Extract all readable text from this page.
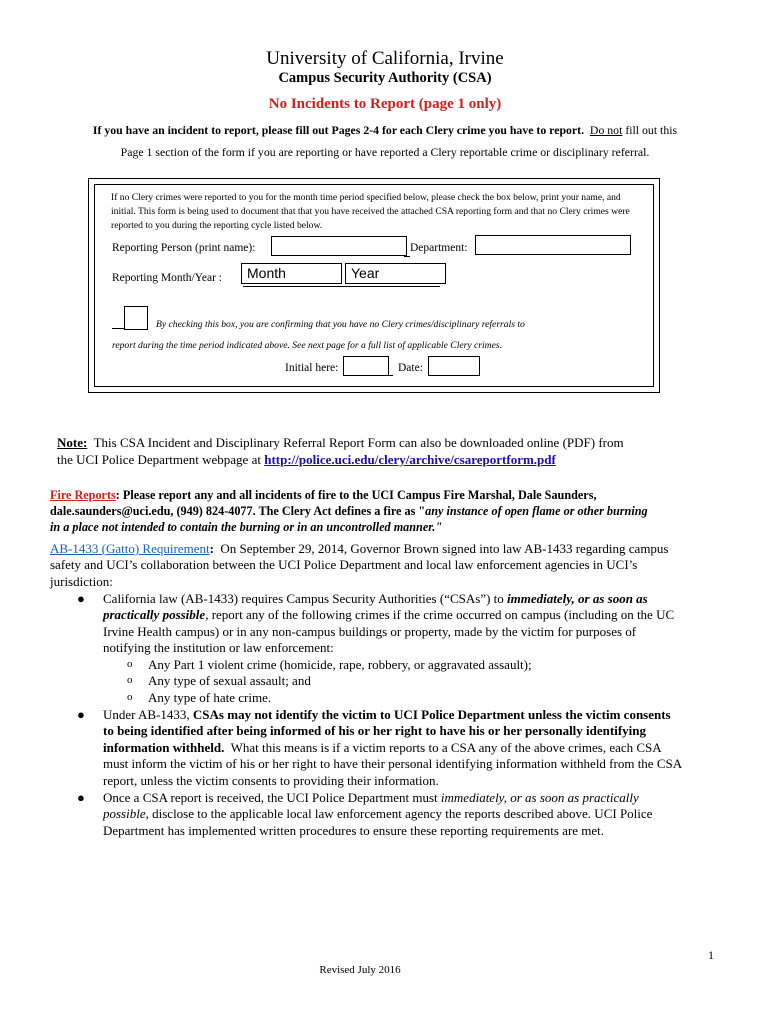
University of California, Irvine
Campus Security Authority (CSA)
No Incidents to Report (page 1 only)
If you have an incident to report, please fill out Pages 2-4 for each Clery crime you have to report. Do not fill out this
Page 1 section of the form if you are reporting or have reported a Clery reportable crime or disciplinary referral.
If no Clery crimes were reported to you for the month time period specified below, please check the box below, print your name, and initial. This form is being used to document that that you have received the attached CSA reporting form and that no Clery crimes were reported to you during the reporting cycle listed below.
Reporting Person (print name):	Department:
Reporting Month/Year :	Month	Year
By checking this box, you are confirming that you have no Clery crimes/disciplinary referrals to
report during the time period indicated above. See next page for a full list of applicable Clery crimes.
Initial here:	Date:
Note: This CSA Incident and Disciplinary Referral Report Form can also be downloaded online (PDF) from
the UCI Police Department webpage at http://police.uci.edu/clery/archive/csareportform.pdf
Fire Reports: Please report any and all incidents of fire to the UCI Campus Fire Marshal, Dale Saunders,
dale.saunders@uci.edu, (949) 824-4077. The Clery Act defines a fire as "any instance of open flame or other burning
in a place not intended to contain the burning or in an uncontrolled manner."
AB-1433 (Gatto) Requirement: On September 29, 2014, Governor Brown signed into law AB-1433 regarding campus
safety and UCI’s collaboration between the UCI Police Department and local law enforcement agencies in UCI’s
jurisdiction:
● California law (AB-1433) requires Campus Security Authorities (“CSAs”) to immediately, or as soon as
practically possible, report any of the following crimes if the crime occurred on campus (including on the UC
Irvine Health campus) or in any non-campus buildings or property, made by the victim for purposes of
notifying the institution or law enforcement:
o Any Part 1 violent crime (homicide, rape, robbery, or aggravated assault);
o Any type of sexual assault; and
o Any type of hate crime.
● Under AB-1433, CSAs may not identify the victim to UCI Police Department unless the victim consents
to being identified after being informed of his or her right to have his or her personally identifying
information withheld. What this means is if a victim reports to a CSA any of the above crimes, each CSA
must inform the victim of his or her right to have their personal identifying information withheld from the CSA
report, unless the victim consents to providing their information.
● Once a CSA report is received, the UCI Police Department must immediately, or as soon as practically
possible, disclose to the applicable local law enforcement agency the reports described above. UCI Police
Department has implemented written procedures to ensure these reporting requirements are met.
1
Revised July 2016
